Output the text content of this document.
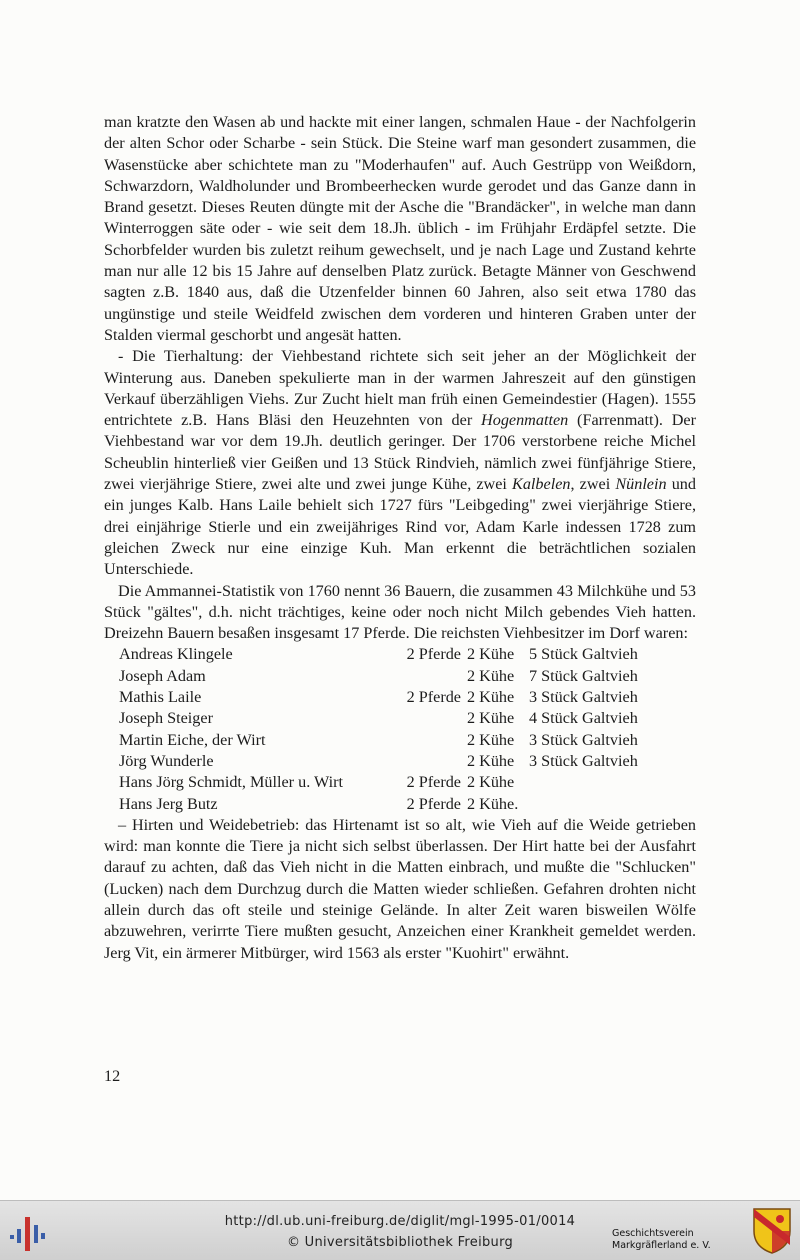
man kratzte den Wasen ab und hackte mit einer langen, schmalen Haue - der Nachfolgerin der alten Schor oder Scharbe - sein Stück. Die Steine warf man gesondert zusammen, die Wasenstücke aber schichtete man zu "Moderhaufen" auf. Auch Gestrüpp von Weißdorn, Schwarzdorn, Waldholunder und Brombeerhecken wurde gerodet und das Ganze dann in Brand gesetzt. Dieses Reuten düngte mit der Asche die "Brandäcker", in welche man dann Winterroggen säte oder - wie seit dem 18.Jh. üblich - im Frühjahr Erdäpfel setzte. Die Schorbfelder wurden bis zuletzt reihum gewechselt, und je nach Lage und Zustand kehrte man nur alle 12 bis 15 Jahre auf denselben Platz zurück. Betagte Männer von Geschwend sagten z.B. 1840 aus, daß die Utzenfelder binnen 60 Jahren, also seit etwa 1780 das ungünstige und steile Weidfeld zwischen dem vorderen und hinteren Graben unter der Stalden viermal geschorbt und angesät hatten.

- Die Tierhaltung: der Viehbestand richtete sich seit jeher an der Möglichkeit der Winterung aus. Daneben spekulierte man in der warmen Jahreszeit auf den günstigen Verkauf überzähligen Viehs. Zur Zucht hielt man früh einen Gemeindestier (Hagen). 1555 entrichtete z.B. Hans Bläsi den Heuzehnten von der Hogenmatten (Farrenmatt). Der Viehbestand war vor dem 19.Jh. deutlich geringer. Der 1706 verstorbene reiche Michel Scheublin hinterließ vier Geißen und 13 Stück Rindvieh, nämlich zwei fünfjährige Stiere, zwei vierjährige Stiere, zwei alte und zwei junge Kühe, zwei Kalbelen, zwei Nünlein und ein junges Kalb. Hans Laile behielt sich 1727 fürs "Leibgeding" zwei vierjährige Stiere, drei einjährige Stierle und ein zweijähriges Rind vor, Adam Karle indessen 1728 zum gleichen Zweck nur eine einzige Kuh. Man erkennt die beträchtlichen sozialen Unterschiede.

Die Ammannei-Statistik von 1760 nennt 36 Bauern, die zusammen 43 Milchkühe und 53 Stück "gältes", d.h. nicht trächtiges, keine oder noch nicht Milch gebendes Vieh hatten. Dreizehn Bauern besaßen insgesamt 17 Pferde. Die reichsten Viehbesitzer im Dorf waren:

Andreas Klingele	2 Pferde 2 Kühe 5 Stück Galtvieh
Joseph Adam	2 Kühe 7 Stück Galtvieh
Mathis Laile	2 Pferde 2 Kühe 3 Stück Galtvieh
Joseph Steiger	2 Kühe 4 Stück Galtvieh
Martin Eiche, der Wirt	2 Kühe 3 Stück Galtvieh
Jörg Wunderle	2 Kühe 3 Stück Galtvieh
Hans Jörg Schmidt, Müller u. Wirt	2 Pferde 2 Kühe
Hans Jerg Butz	2 Pferde 2 Kühe.

– Hirten und Weidebetrieb: das Hirtenamt ist so alt, wie Vieh auf die Weide getrieben wird: man konnte die Tiere ja nicht sich selbst überlassen. Der Hirt hatte bei der Ausfahrt darauf zu achten, daß das Vieh nicht in die Matten einbrach, und mußte die "Schlucken" (Lucken) nach dem Durchzug durch die Matten wieder schließen. Gefahren drohten nicht allein durch das oft steile und steinige Gelände. In alter Zeit waren bisweilen Wölfe abzuwehren, verirrte Tiere mußten gesucht, Anzeichen einer Krankheit gemeldet werden. Jerg Vit, ein ärmerer Mitbürger, wird 1563 als erster "Kuohirt" erwähnt.

12
http://dl.ub.uni-freiburg.de/diglit/mgl-1995-01/0014
© Universitätsbibliothek Freiburg
Geschichtsverein
Markgräflerland e. V.
